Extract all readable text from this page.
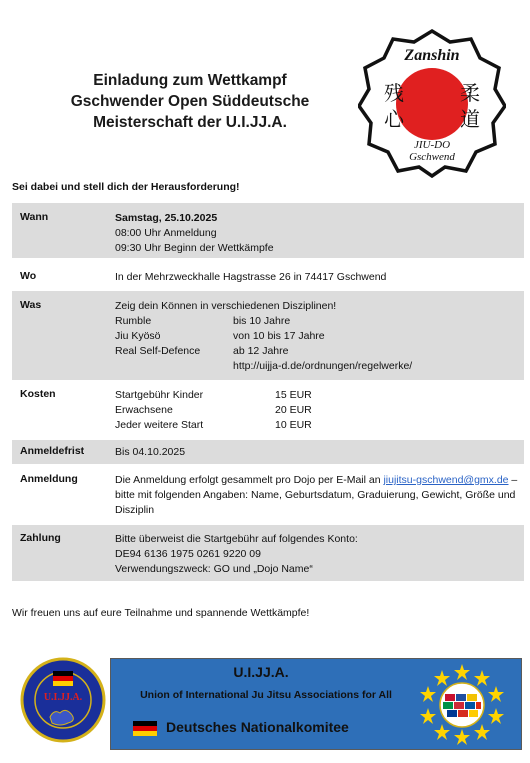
Einladung zum Wettkampf
Gschwender Open Süddeutsche
Meisterschaft der U.I.JJ.A.
Zanshin
残
心
柔
道
JIU-DO
Gschwend
Sei dabei und stell dich der Herausforderung!
Wann	Samstag, 25.10.2025
08:00 Uhr Anmeldung
09:30 Uhr Beginn der Wettkämpfe
Wo	In der Mehrzweckhalle Hagstrasse 26 in 74417 Gschwend
Was	Zeig dein Können in verschiedenen Disziplinen!
Rumble	bis 10 Jahre
Jiu Kyösö	von 10 bis 17 Jahre
Real Self-Defence	ab 12 Jahre
http://uijja-d.de/ordnungen/regelwerke/
Kosten	Startgebühr Kinder	15 EUR
Erwachsene	20 EUR
Jeder weitere Start	10 EUR
Anmeldefrist	Bis 04.10.2025
Anmeldung	Die Anmeldung erfolgt gesammelt pro Dojo per E-Mail an jiujitsu-gschwend@gmx.de – bitte mit folgenden Angaben: Name, Geburtsdatum, Graduierung, Gewicht, Größe und Disziplin
Zahlung	Bitte überweist die Startgebühr auf folgendes Konto:
DE94 6136 1975 0261 9220 09
Verwendungszweck: GO und „Dojo Name“
Wir freuen uns auf eure Teilnahme und spannende Wettkämpfe!
U.I.JJ.A.
U.I.JJ.A.
Union of International Ju Jitsu Associations for All
Deutsches Nationalkomitee
